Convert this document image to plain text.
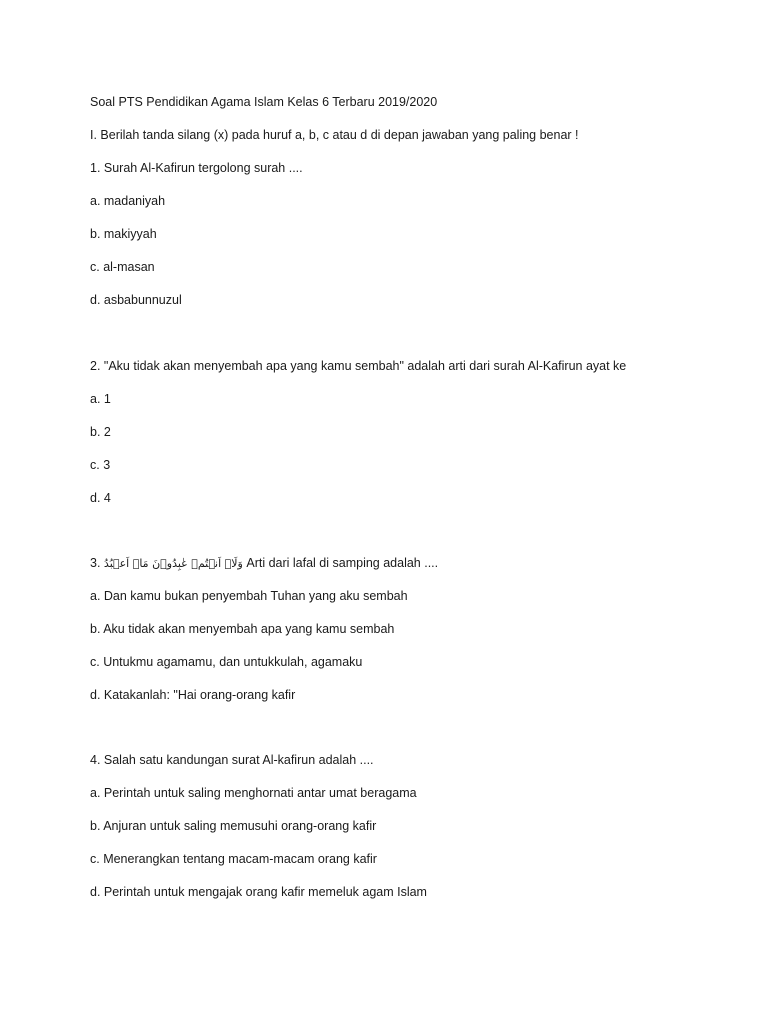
Soal PTS Pendidikan Agama Islam Kelas 6 Terbaru 2019/2020
I. Berilah tanda silang (x) pada huruf a, b, c atau d di depan jawaban yang paling benar !
1. Surah Al-Kafirun tergolong surah ....
a. madaniyah
b. makiyyah
c. al-masan
d. asbabunnuzul
2. "Aku tidak akan menyembah apa yang kamu sembah" adalah arti dari surah Al-Kafirun ayat ke
a. 1
b. 2
c. 3
d. 4
3. وَلَاۤ اَنۡتُمۡ عٰبِدُوۡنَ مَاۤ اَعۡبُدُ Arti dari lafal di samping adalah ....
a. Dan kamu bukan penyembah Tuhan yang aku sembah
b. Aku tidak akan menyembah apa yang kamu sembah
c. Untukmu agamamu, dan untukkulah, agamaku
d. Katakanlah: "Hai orang-orang kafir
4. Salah satu kandungan surat Al-kafirun adalah ....
a. Perintah untuk saling menghornati antar umat beragama
b. Anjuran untuk saling memusuhi orang-orang kafir
c. Menerangkan tentang macam-macam orang kafir
d. Perintah untuk mengajak orang kafir memeluk agam Islam
